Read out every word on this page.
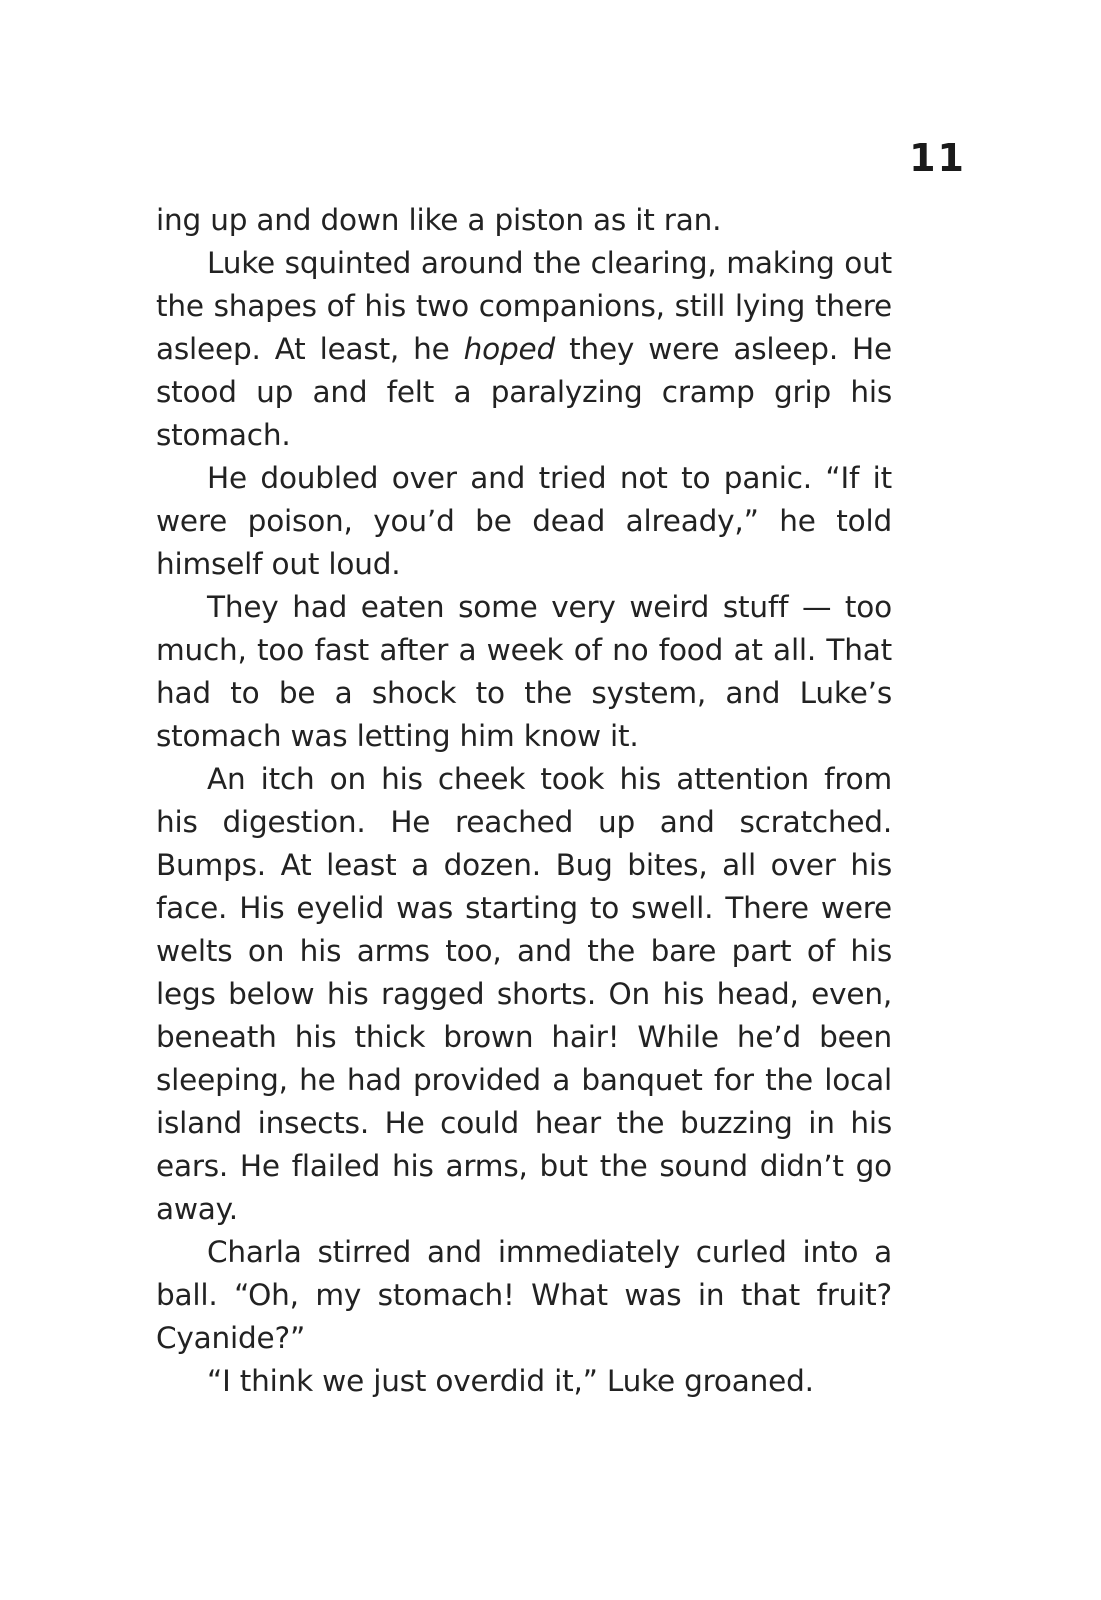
11

ing up and down like a piston as it ran.

Luke squinted around the clearing, making out the shapes of his two companions, still lying there asleep. At least, he hoped they were asleep. He stood up and felt a paralyzing cramp grip his stomach.

He doubled over and tried not to panic. “If it were poison, you’d be dead already,” he told himself out loud.

They had eaten some very weird stuff — too much, too fast after a week of no food at all. That had to be a shock to the system, and Luke’s stomach was letting him know it.

An itch on his cheek took his attention from his digestion. He reached up and scratched. Bumps. At least a dozen. Bug bites, all over his face. His eyelid was starting to swell. There were welts on his arms too, and the bare part of his legs below his ragged shorts. On his head, even, beneath his thick brown hair! While he’d been sleeping, he had provided a banquet for the local island insects. He could hear the buzzing in his ears. He flailed his arms, but the sound didn’t go away.

Charla stirred and immediately curled into a ball. “Oh, my stomach! What was in that fruit? Cyanide?”

“I think we just overdid it,” Luke groaned.
